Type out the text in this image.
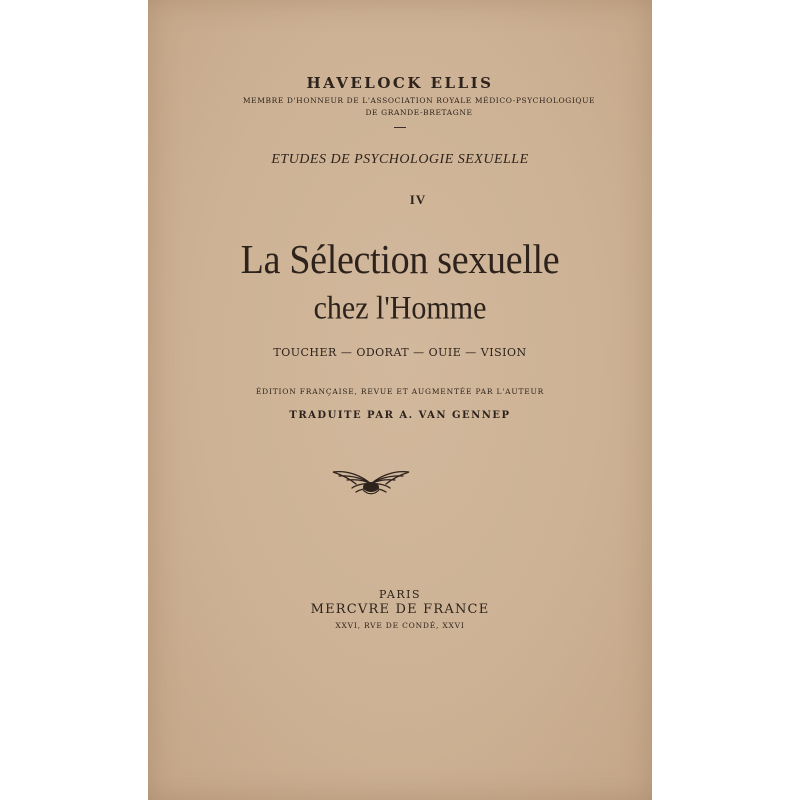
HAVELOCK ELLIS
MEMBRE D'HONNEUR DE L'ASSOCIATION ROYALE MÉDICO-PSYCHOLOGIQUE
DE GRANDE-BRETAGNE
ETUDES DE PSYCHOLOGIE SEXUELLE
IV
La Sélection sexuelle
chez l'Homme
TOUCHER — ODORAT — OUIE — VISION
ÉDITION FRANÇAISE, REVUE ET AUGMENTÉE PAR L'AUTEUR
TRADUITE PAR A. VAN GENNEP
PARIS
MERCVRE DE FRANCE
XXVI, RVE DE CONDÉ, XXVI
